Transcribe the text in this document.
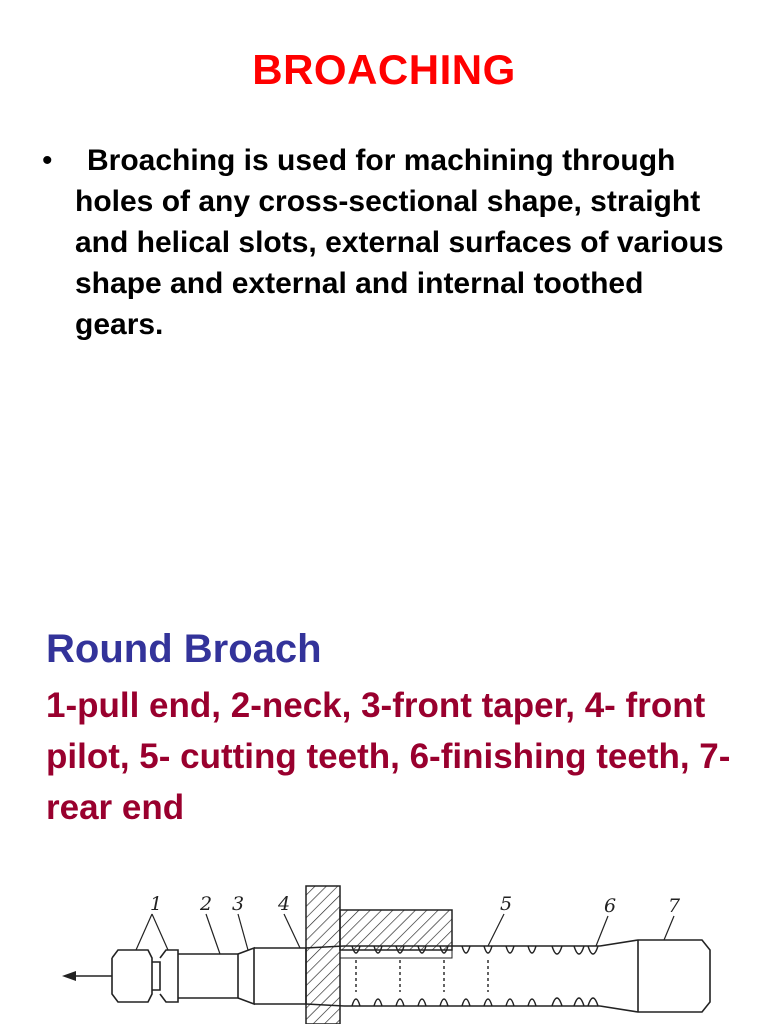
BROACHING
•	Broaching is used for machining through holes of any cross-sectional shape, straight and helical slots, external surfaces of various shape and external and internal toothed gears.
Round Broach
1-pull end, 2-neck, 3-front taper, 4- front pilot, 5- cutting teeth, 6-finishing teeth, 7-rear end
1 2 3 4	5	6	7
